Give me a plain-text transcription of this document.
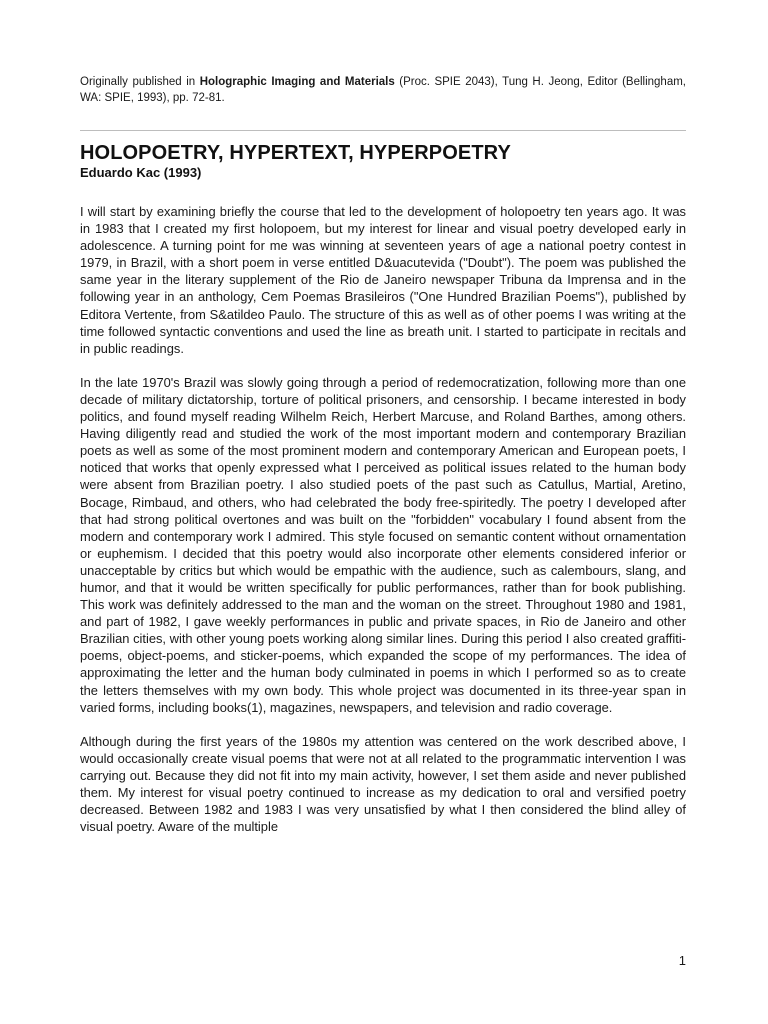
Originally published in Holographic Imaging and Materials (Proc. SPIE 2043), Tung H. Jeong, Editor (Bellingham, WA: SPIE, 1993), pp. 72-81.
HOLOPOETRY, HYPERTEXT, HYPERPOETRY
Eduardo Kac (1993)

I will start by examining briefly the course that led to the development of holopoetry ten years ago. It was in 1983 that I created my first holopoem, but my interest for linear and visual poetry developed early in adolescence. A turning point for me was winning at seventeen years of age a national poetry contest in 1979, in Brazil, with a short poem in verse entitled D&uacutevida ("Doubt"). The poem was published the same year in the literary supplement of the Rio de Janeiro newspaper Tribuna da Imprensa and in the following year in an anthology, Cem Poemas Brasileiros ("One Hundred Brazilian Poems"), published by Editora Vertente, from S&atildeo Paulo. The structure of this as well as of other poems I was writing at the time followed syntactic conventions and used the line as breath unit. I started to participate in recitals and in public readings.

In the late 1970's Brazil was slowly going through a period of redemocratization, following more than one decade of military dictatorship, torture of political prisoners, and censorship. I became interested in body politics, and found myself reading Wilhelm Reich, Herbert Marcuse, and Roland Barthes, among others. Having diligently read and studied the work of the most important modern and contemporary Brazilian poets as well as some of the most prominent modern and contemporary American and European poets, I noticed that works that openly expressed what I perceived as political issues related to the human body were absent from Brazilian poetry. I also studied poets of the past such as Catullus, Martial, Aretino, Bocage, Rimbaud, and others, who had celebrated the body free-spiritedly. The poetry I developed after that had strong political overtones and was built on the "forbidden" vocabulary I found absent from the modern and contemporary work I admired. This style focused on semantic content without ornamentation or euphemism. I decided that this poetry would also incorporate other elements considered inferior or unacceptable by critics but which would be empathic with the audience, such as calembours, slang, and humor, and that it would be written specifically for public performances, rather than for book publishing. This work was definitely addressed to the man and the woman on the street. Throughout 1980 and 1981, and part of 1982, I gave weekly performances in public and private spaces, in Rio de Janeiro and other Brazilian cities, with other young poets working along similar lines. During this period I also created graffiti-poems, object-poems, and sticker-poems, which expanded the scope of my performances. The idea of approximating the letter and the human body culminated in poems in which I performed so as to create the letters themselves with my own body. This whole project was documented in its three-year span in varied forms, including books(1), magazines, newspapers, and television and radio coverage.

Although during the first years of the 1980s my attention was centered on the work described above, I would occasionally create visual poems that were not at all related to the programmatic intervention I was carrying out. Because they did not fit into my main activity, however, I set them aside and never published them. My interest for visual poetry continued to increase as my dedication to oral and versified poetry decreased. Between 1982 and 1983 I was very unsatisfied by what I then considered the blind alley of visual poetry. Aware of the multiple

1
